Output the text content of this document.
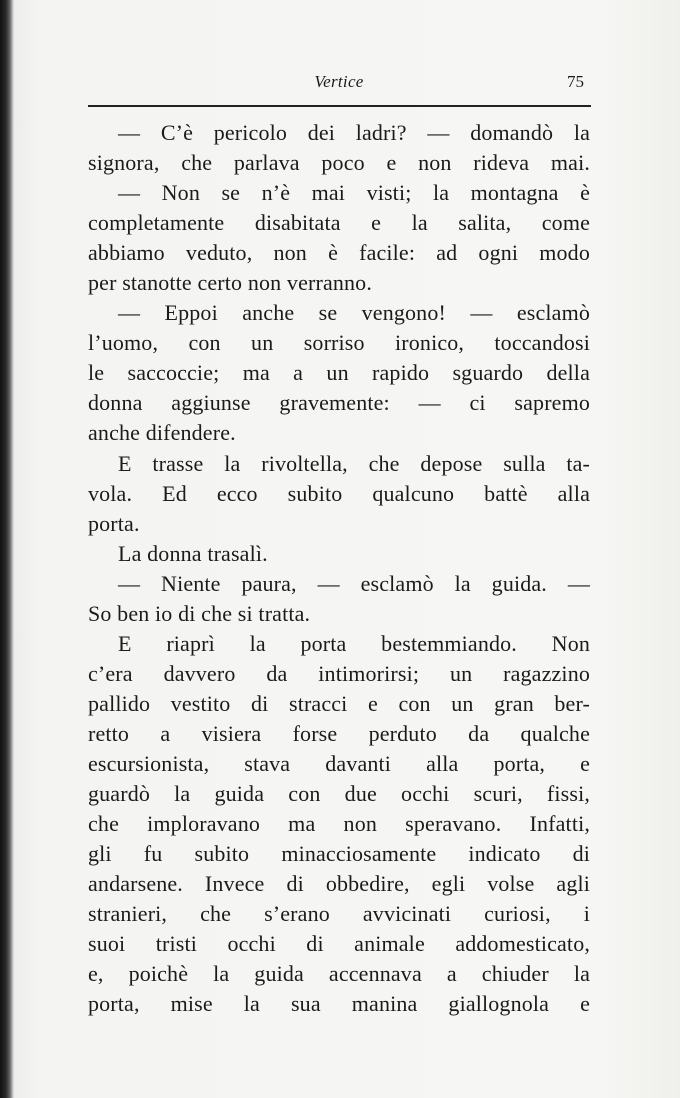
Vertice	75
— C’è pericolo dei ladri? — domandò la
signora, che parlava poco e non rideva mai.
— Non se n’è mai visti; la montagna è
completamente disabitata e la salita, come
abbiamo veduto, non è facile: ad ogni modo
per stanotte certo non verranno.
— Eppoi anche se vengono! — esclamò
l’uomo, con un sorriso ironico, toccandosi
le saccoccie; ma a un rapido sguardo della
donna aggiunse gravemente: — ci sapremo
anche difendere.
E trasse la rivoltella, che depose sulla ta-
vola. Ed ecco subito qualcuno battè alla
porta.
La donna trasalì.
— Niente paura, — esclamò la guida. —
So ben io di che si tratta.
E riaprì la porta bestemmiando. Non
c’era davvero da intimorirsi; un ragazzino
pallido vestito di stracci e con un gran ber-
retto a visiera forse perduto da qualche
escursionista, stava davanti alla porta, e
guardò la guida con due occhi scuri, fissi,
che imploravano ma non speravano. Infatti,
gli fu subito minacciosamente indicato di
andarsene. Invece di obbedire, egli volse agli
stranieri, che s’erano avvicinati curiosi, i
suoi tristi occhi di animale addomesticato,
e, poichè la guida accennava a chiuder la
porta, mise la sua manina giallognola e
